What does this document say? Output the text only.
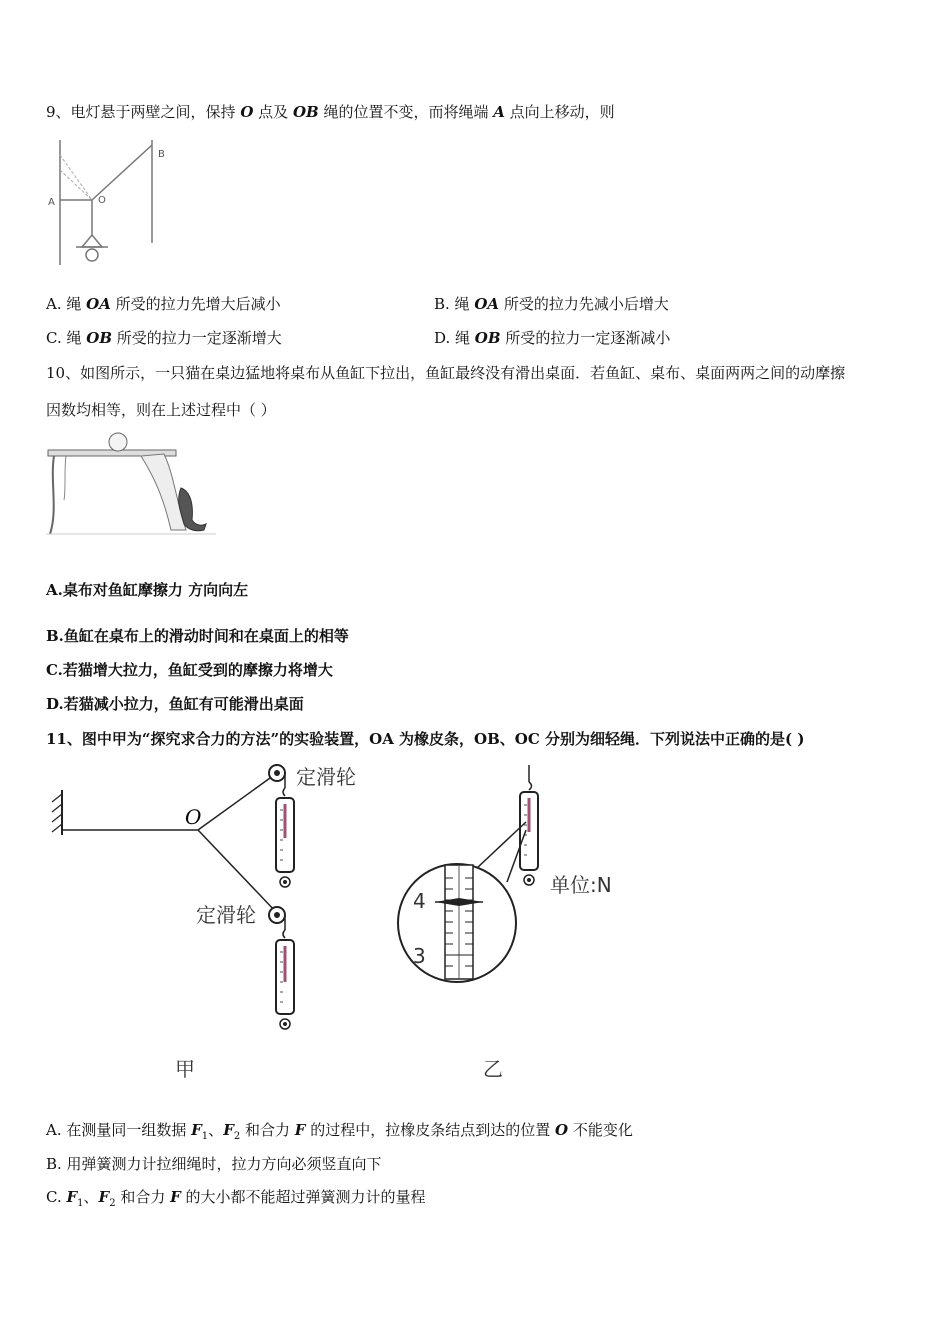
9、电灯悬于两壁之间，保持 O 点及 OB 绳的位置不变，而将绳端 A 点向上移动，则
A	O
B
A. 绳 OA 所受的拉力先增大后减小	B. 绳 OA 所受的拉力先减小后增大
C. 绳 OB 所受的拉力一定逐渐增大	D. 绳 OB 所受的拉力一定逐渐减小
10、如图所示，一只猫在桌边猛地将桌布从鱼缸下拉出，鱼缸最终没有滑出桌面．若鱼缸、桌布、桌面两两之间的动摩擦
因数均相等，则在上述过程中（ ）
A.桌布对鱼缸摩擦力 方向向左
B.鱼缸在桌布上的滑动时间和在桌面上的相等
C.若猫增大拉力，鱼缸受到的摩擦力将增大
D.若猫减小拉力，鱼缸有可能滑出桌面
11、图中甲为“探究求合力的方法”的实验装置，OA 为橡皮条，OB、OC 分别为细轻绳．下列说法中正确的是( )
O
定滑轮
定滑轮
甲
单位:N
4
3
乙
A. 在测量同一组数据 $F_1$、$F_2$ 和合力 F 的过程中，拉橡皮条结点到达的位置 O 不能变化
B. 用弹簧测力计拉细绳时，拉力方向必须竖直向下
C. $F_1$、$F_2$ 和合力 F 的大小都不能超过弹簧测力计的量程
